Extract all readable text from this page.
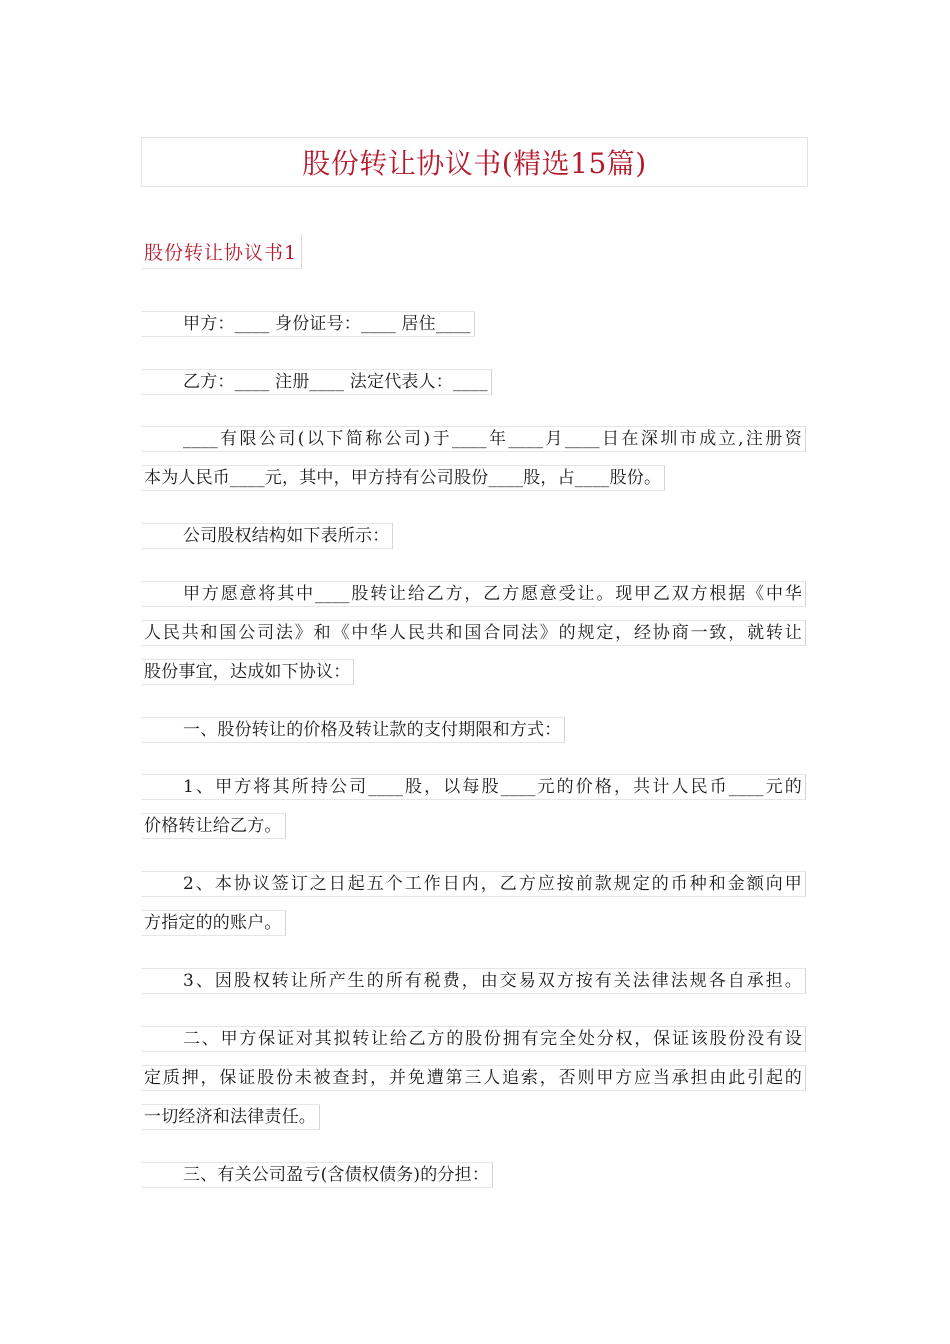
股份转让协议书(精选15篇)
股份转让协议书1
甲方：____ 身份证号：____ 居住____
乙方：____ 注册____ 法定代表人：____
____有限公司(以下简称公司)于____年____月____日在深圳市成立,注册资
本为人民币____元，其中，甲方持有公司股份____股，占____股份。
公司股权结构如下表所示：
甲方愿意将其中____股转让给乙方，乙方愿意受让。现甲乙双方根据《中华
人民共和国公司法》和《中华人民共和国合同法》的规定，经协商一致，就转让
股份事宜，达成如下协议：
一、股份转让的价格及转让款的支付期限和方式：
1、甲方将其所持公司____股，以每股____元的价格，共计人民币____元的
价格转让给乙方。
2、本协议签订之日起五个工作日内，乙方应按前款规定的币种和金额向甲
方指定的的账户。
3、因股权转让所产生的所有税费，由交易双方按有关法律法规各自承担。
二、甲方保证对其拟转让给乙方的股份拥有完全处分权，保证该股份没有设
定质押，保证股份未被查封，并免遭第三人追索，否则甲方应当承担由此引起的
一切经济和法律责任。
三、有关公司盈亏(含债权债务)的分担：
